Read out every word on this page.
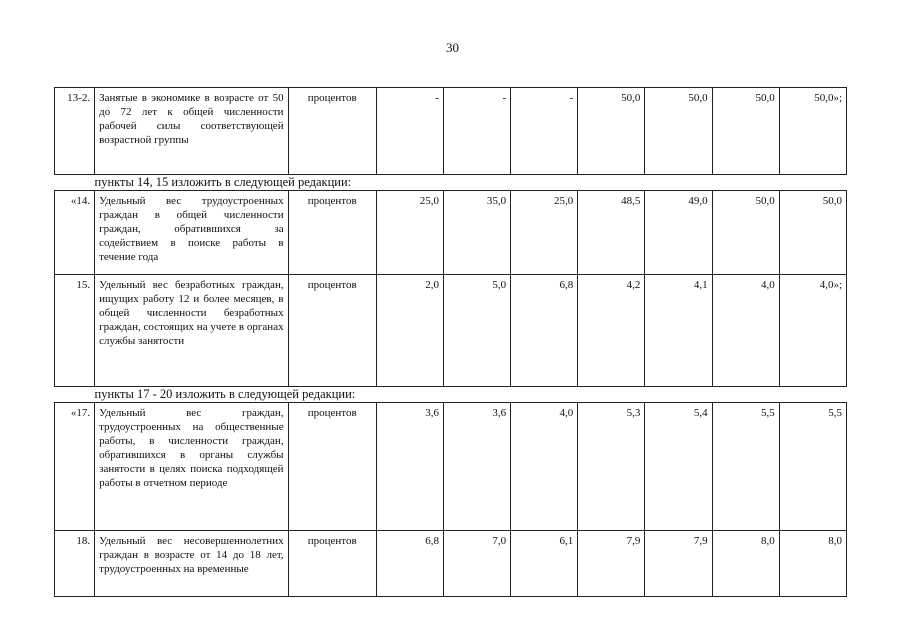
30
13-2.	Занятые в экономике в возрасте от 50 до 72 лет к общей численности рабочей силы соответствующей возрастной группы	процентов	-	-	-	50,0	50,0	50,0	50,0»;
пункты 14, 15 изложить в следующей редакции:									
«14.	Удельный вес трудоустроенных граждан в общей численности граждан, обратившихся за содействием в поиске работы в течение года	процентов	25,0	35,0	25,0	48,5	49,0	50,0	50,0
15.	Удельный вес безработных граждан, ищущих работу 12 и более месяцев, в общей численности безработных граждан, состоящих на учете в органах службы занятости	процентов	2,0	5,0	6,8	4,2	4,1	4,0	4,0»;
пункты 17 - 20 изложить в следующей редакции:									
«17.	Удельный вес граждан, трудоустроенных на общественные работы, в численности граждан, обратившихся в органы службы занятости в целях поиска подходящей работы в отчетном периоде	процентов	3,6	3,6	4,0	5,3	5,4	5,5	5,5
18.	Удельный вес несовершеннолетних граждан в возрасте от 14 до 18 лет, трудоустроенных на временные	процентов	6,8	7,0	6,1	7,9	7,9	8,0	8,0
